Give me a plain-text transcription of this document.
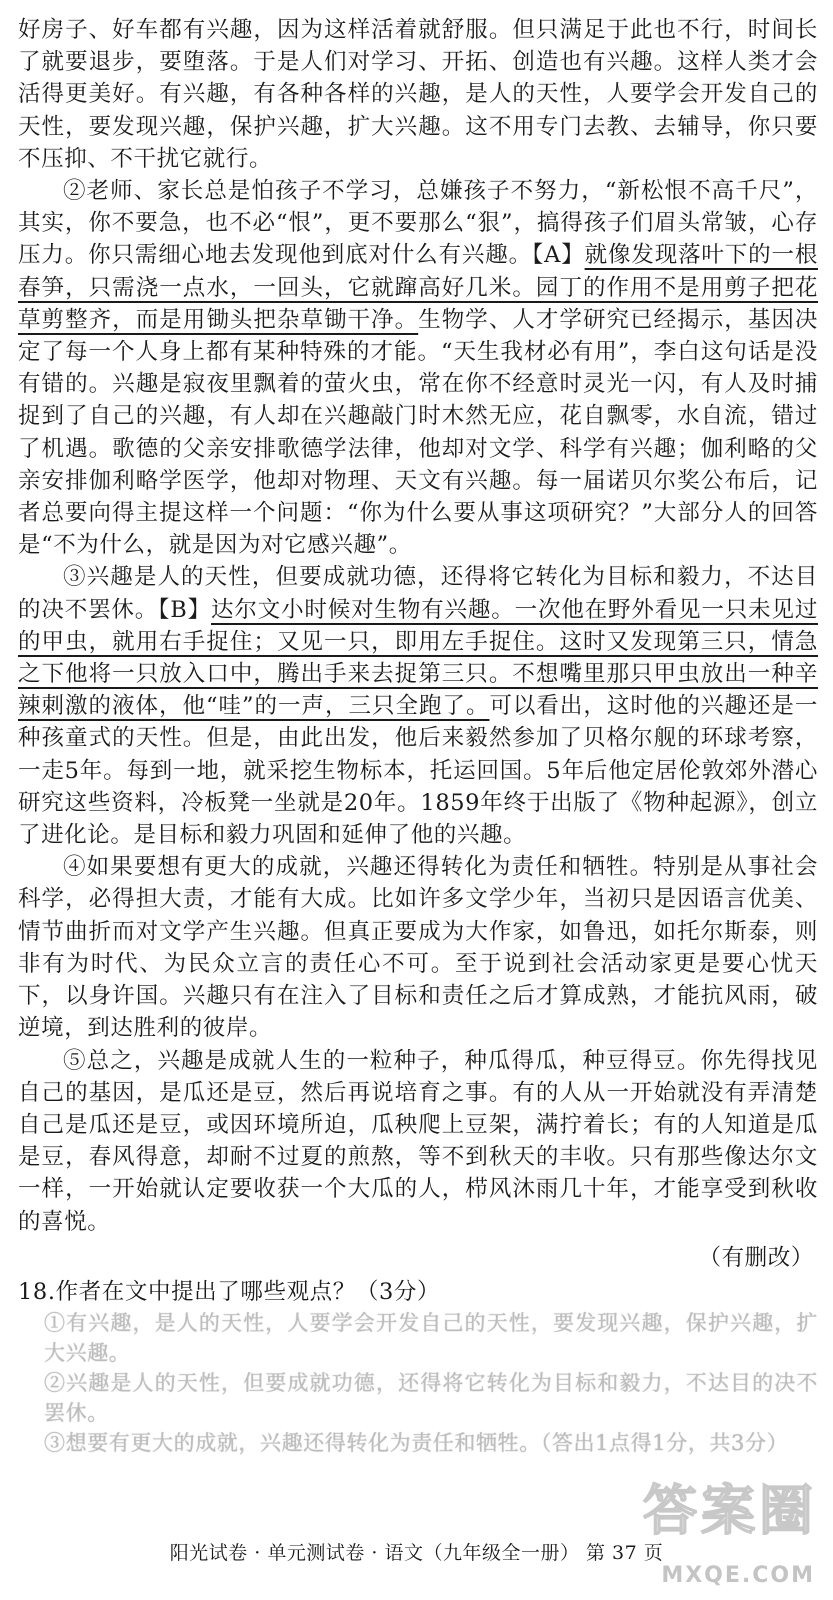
好房子、好车都有兴趣，因为这样活着就舒服。但只满足于此也不行，时间长了就要退步，要堕落。于是人们对学习、开拓、创造也有兴趣。这样人类才会活得更美好。有兴趣，有各种各样的兴趣，是人的天性，人要学会开发自己的天性，要发现兴趣，保护兴趣，扩大兴趣。这不用专门去教、去辅导，你只要不压抑、不干扰它就行。

②老师、家长总是怕孩子不学习，总嫌孩子不努力，“新松恨不高千尺”，其实，你不要急，也不必“恨”，更不要那么“狠”，搞得孩子们眉头常皱，心存压力。你只需细心地去发现他到底对什么有兴趣。【A】就像发现落叶下的一根春笋，只需浇一点水，一回头，它就蹿高好几米。园丁的作用不是用剪子把花草剪整齐，而是用锄头把杂草锄干净。生物学、人才学研究已经揭示，基因决定了每一个人身上都有某种特殊的才能。“天生我材必有用”，李白这句话是没有错的。兴趣是寂夜里飘着的萤火虫，常在你不经意时灵光一闪，有人及时捕捉到了自己的兴趣，有人却在兴趣敲门时木然无应，花自飘零，水自流，错过了机遇。歌德的父亲安排歌德学法律，他却对文学、科学有兴趣；伽利略的父亲安排伽利略学医学，他却对物理、天文有兴趣。每一届诺贝尔奖公布后，记者总要向得主提这样一个问题：“你为什么要从事这项研究？”大部分人的回答是“不为什么，就是因为对它感兴趣”。

③兴趣是人的天性，但要成就功德，还得将它转化为目标和毅力，不达目的决不罢休。【B】达尔文小时候对生物有兴趣。一次他在野外看见一只未见过的甲虫，就用右手捉住；又见一只，即用左手捉住。这时又发现第三只，情急之下他将一只放入口中，腾出手来去捉第三只。不想嘴里那只甲虫放出一种辛辣刺激的液体，他“哇”的一声，三只全跑了。可以看出，这时他的兴趣还是一种孩童式的天性。但是，由此出发，他后来毅然参加了贝格尔舰的环球考察，一走5年。每到一地，就采挖生物标本，托运回国。5年后他定居伦敦郊外潜心研究这些资料，冷板凳一坐就是20年。1859年终于出版了《物种起源》，创立了进化论。是目标和毅力巩固和延伸了他的兴趣。

④如果要想有更大的成就，兴趣还得转化为责任和牺牲。特别是从事社会科学，必得担大责，才能有大成。比如许多文学少年，当初只是因语言优美、情节曲折而对文学产生兴趣。但真正要成为大作家，如鲁迅，如托尔斯泰，则非有为时代、为民众立言的责任心不可。至于说到社会活动家更是要心忧天下，以身许国。兴趣只有在注入了目标和责任之后才算成熟，才能抗风雨，破逆境，到达胜利的彼岸。

⑤总之，兴趣是成就人生的一粒种子，种瓜得瓜，种豆得豆。你先得找见自己的基因，是瓜还是豆，然后再说培育之事。有的人从一开始就没有弄清楚自己是瓜还是豆，或因环境所迫，瓜秧爬上豆架，满拧着长；有的人知道是瓜是豆，春风得意，却耐不过夏的煎熬，等不到秋天的丰收。只有那些像达尔文一样，一开始就认定要收获一个大瓜的人，栉风沐雨几十年，才能享受到秋收的喜悦。

（有删改）

18.作者在文中提出了哪些观点？（3分）

①有兴趣，是人的天性，人要学会开发自己的天性，要发现兴趣，保护兴趣，扩大兴趣。

②兴趣是人的天性，但要成就功德，还得将它转化为目标和毅力，不达目的决不罢休。

③想要有更大的成就，兴趣还得转化为责任和牺牲。（答出1点得1分，共3分）

答案圈
MXQE.COM
阳光试卷 · 单元测试卷 · 语文（九年级全一册） 第 37 页
